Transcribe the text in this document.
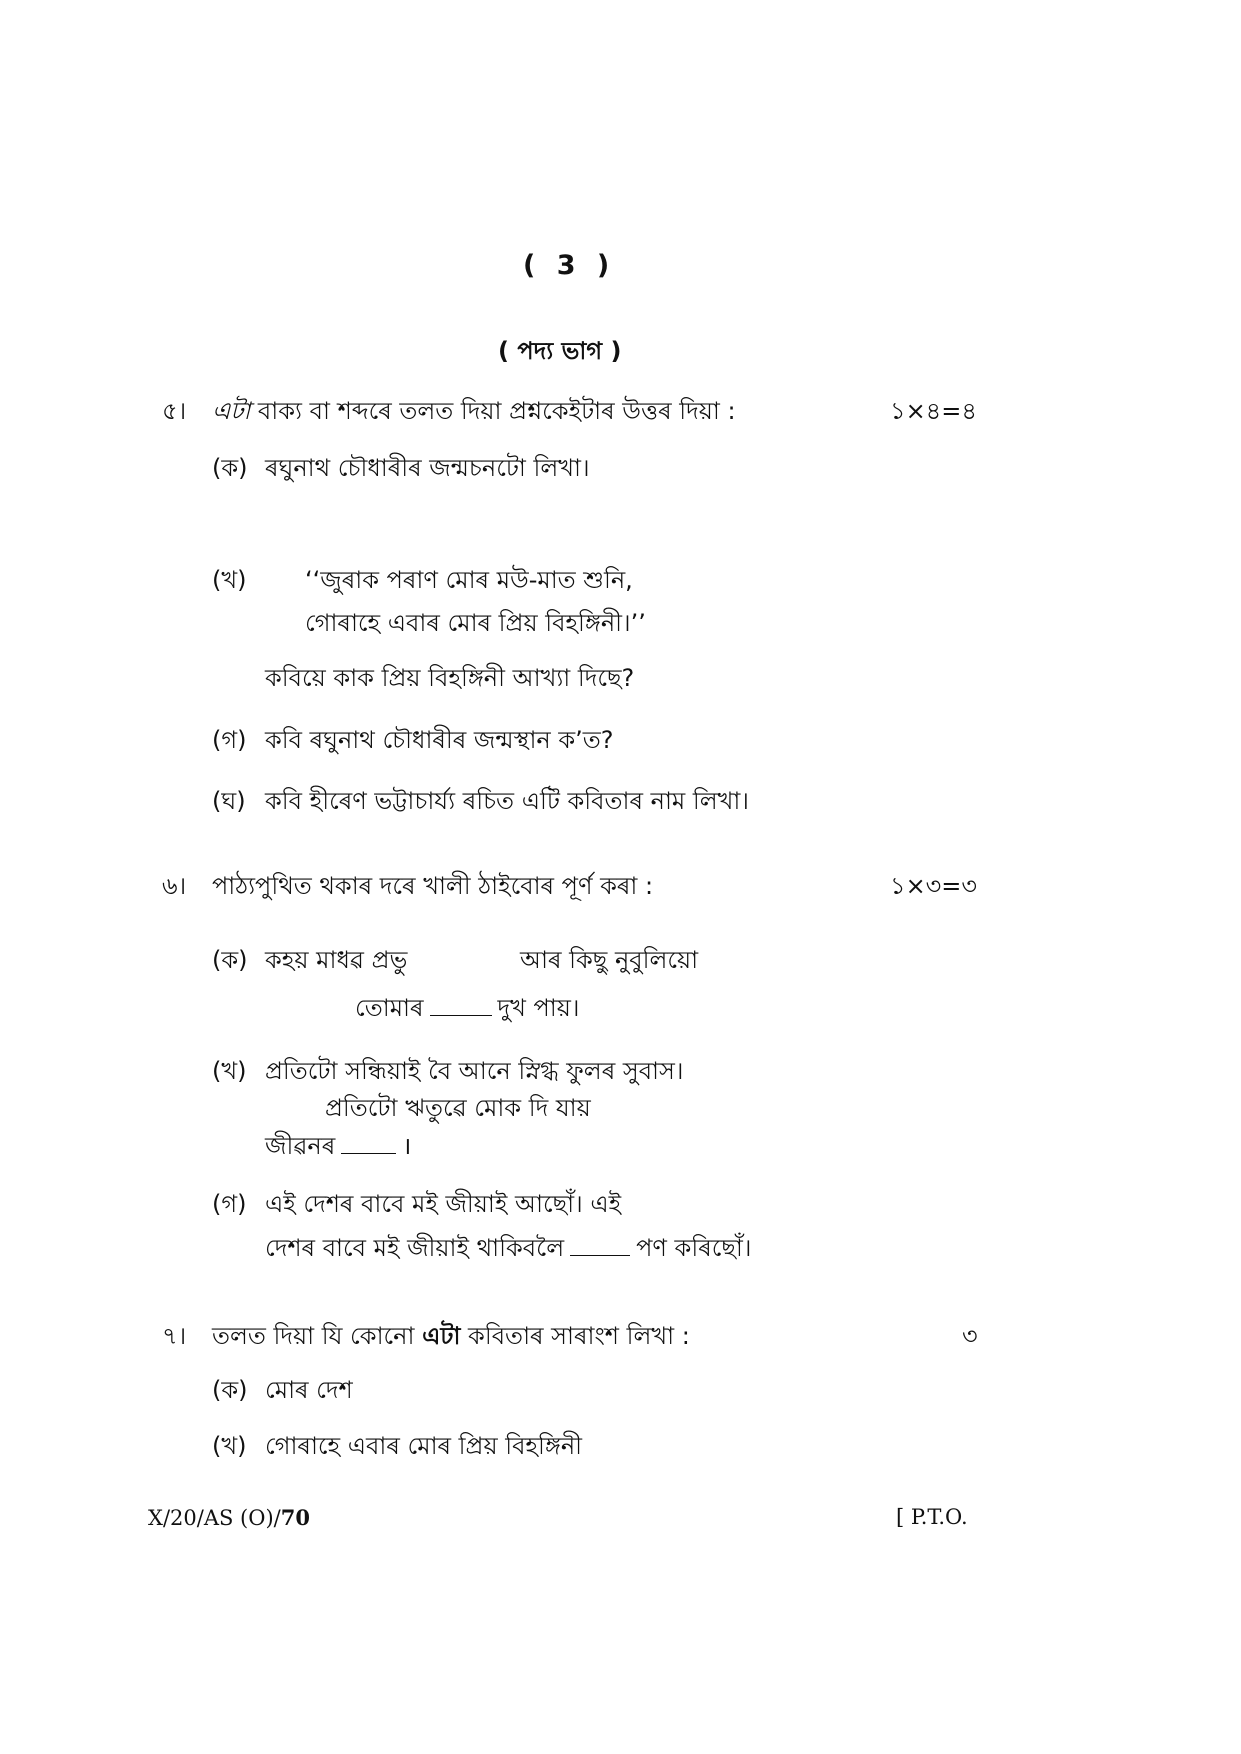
( 3 )
( পদ্য ভাগ )
৫। এটা বাক্য বা শব্দৰে তলত দিয়া প্ৰশ্নকেইটাৰ উত্তৰ দিয়া :	১×৪=৪
(ক) ৰঘুনাথ চৌধাৰীৰ জন্মচনটো লিখা।
(খ) ‘‘জুৰাক পৰাণ মোৰ মউ-মাত শুনি,
গোৰাহে এবাৰ মোৰ প্ৰিয় বিহঙ্গিনী।’’
কবিয়ে কাক প্ৰিয় বিহঙ্গিনী আখ্যা দিছে?
(গ) কবি ৰঘুনাথ চৌধাৰীৰ জন্মস্থান ক’ত?
(ঘ) কবি হীৰেণ ভট্টাচাৰ্য্য ৰচিত এটি কবিতাৰ নাম লিখা।
৬। পাঠ্যপুথিত থকাৰ দৰে খালী ঠাইবোৰ পূৰ্ণ কৰা :	১×৩=৩
(ক) কহয় মাধৱ প্ৰভু	আৰ কিছু নুবুলিয়ো
তোমাৰ	দুখ পায়।
(খ) প্ৰতিটো সন্ধিয়াই বৈ আনে স্নিগ্ধ ফুলৰ সুবাস।
প্ৰতিটো ঋতুৱে মোক দি যায়
জীৱনৰ	।
(গ) এই দেশৰ বাবে মই জীয়াই আছোঁ। এই
দেশৰ বাবে মই জীয়াই থাকিবলৈ	পণ কৰিছোঁ।
৭। তলত দিয়া যি কোনো এটা কবিতাৰ সাৰাংশ লিখা :	৩
(ক) মোৰ দেশ
(খ) গোৰাহে এবাৰ মোৰ প্ৰিয় বিহঙ্গিনী
X/20/AS (O)/70	[ P.T.O.
